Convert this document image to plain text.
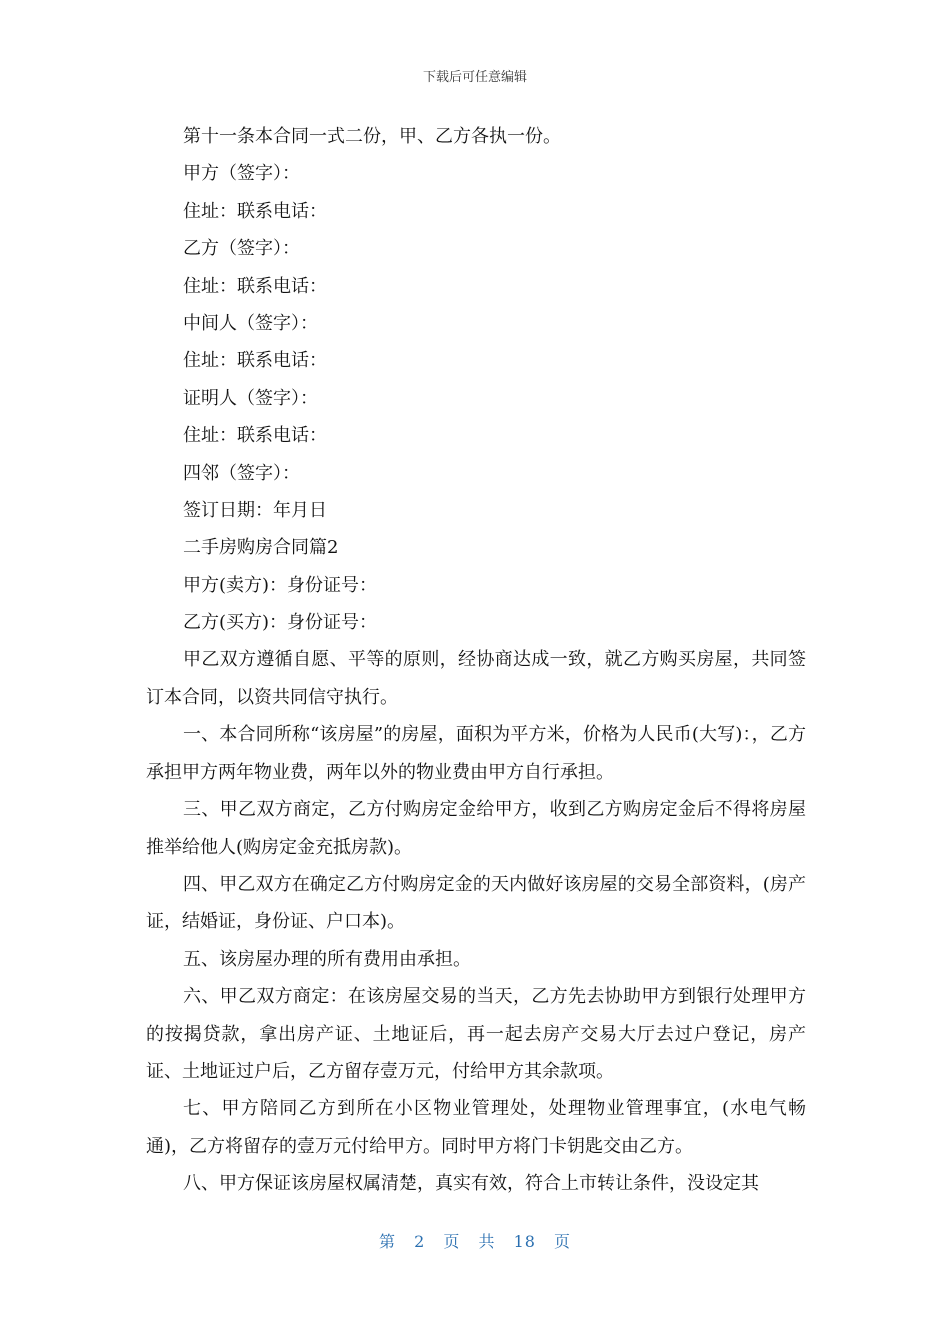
下载后可任意编辑
第十一条本合同一式二份，甲、乙方各执一份。
甲方（签字）：
住址：联系电话：
乙方（签字）：
住址：联系电话：
中间人（签字）：
住址：联系电话：
证明人（签字）：
住址：联系电话：
四邻（签字）：
签订日期：年月日
二手房购房合同篇2
甲方(卖方)：身份证号：
乙方(买方)：身份证号：

甲乙双方遵循自愿、平等的原则，经协商达成一致，就乙方购买房屋，共同签订本合同，以资共同信守执行。

一、本合同所称“该房屋”的房屋，面积为平方米，价格为人民币(大写)：，乙方承担甲方两年物业费，两年以外的物业费由甲方自行承担。

三、甲乙双方商定，乙方付购房定金给甲方，收到乙方购房定金后不得将房屋推举给他人(购房定金充抵房款)。

四、甲乙双方在确定乙方付购房定金的天内做好该房屋的交易全部资料，(房产证，结婚证，身份证、户口本)。

五、该房屋办理的所有费用由承担。

六、甲乙双方商定：在该房屋交易的当天，乙方先去协助甲方到银行处理甲方的按揭贷款，拿出房产证、土地证后，再一起去房产交易大厅去过户登记，房产证、土地证过户后，乙方留存壹万元，付给甲方其余款项。

七、甲方陪同乙方到所在小区物业管理处，处理物业管理事宜，(水电气畅通)，乙方将留存的壹万元付给甲方。同时甲方将门卡钥匙交由乙方。

八、甲方保证该房屋权属清楚，真实有效，符合上市转让条件，没设定其

第 2 页 共 18 页
